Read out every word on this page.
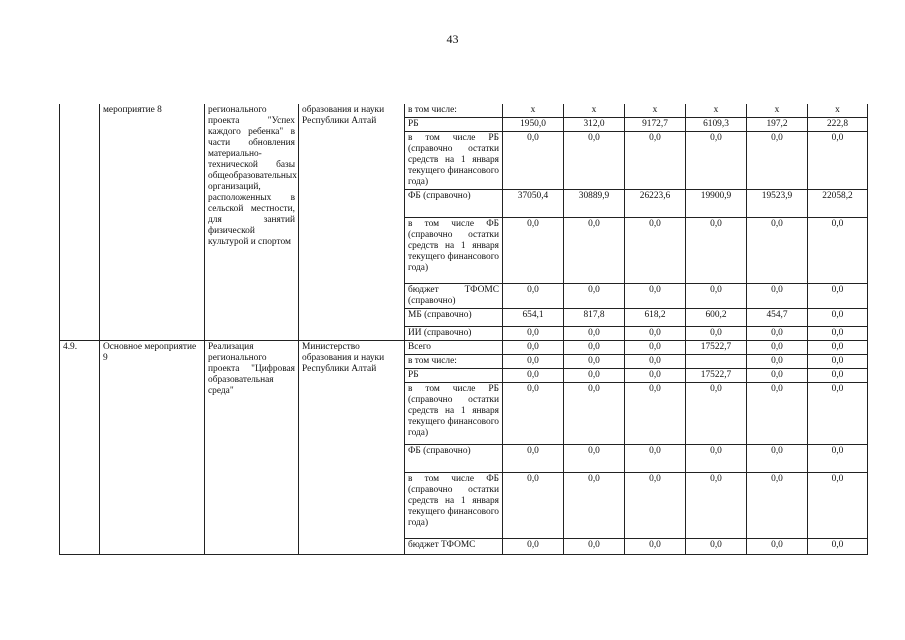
43
	мероприятие 8	регионального проекта "Успех каждого ребенка" в части обновления материально-технической базы общеобразовательных организаций, расположенных в сельской местности, для занятий физической культурой и спортом	образования и науки Республики Алтай	в том числе:	х	х	х	х	х	х
				РБ	1950,0	312,0	9172,7	6109,3	197,2	222,8
				в том числе РБ (справочно остатки средств на 1 января текущего финансового года)	0,0	0,0	0,0	0,0	0,0	0,0
				ФБ (справочно)	37050,4	30889,9	26223,6	19900,9	19523,9	22058,2
				в том числе ФБ (справочно остатки средств на 1 января текущего финансового года)	0,0	0,0	0,0	0,0	0,0	0,0
				бюджет ТФОМС (справочно)	0,0	0,0	0,0	0,0	0,0	0,0
				МБ (справочно)	654,1	817,8	618,2	600,2	454,7	0,0
				ИИ (справочно)	0,0	0,0	0,0	0,0	0,0	0,0
4.9.	Основное мероприятие 9	Реализация регионального проекта "Цифровая образовательная среда"	Министерство образования и науки Республики Алтай	Всего	0,0	0,0	0,0	17522,7	0,0	0,0
				в том числе:	0,0	0,0	0,0		0,0	0,0
				РБ	0,0	0,0	0,0	17522,7	0,0	0,0
				в том числе РБ (справочно остатки средств на 1 января текущего финансового года)	0,0	0,0	0,0	0,0	0,0	0,0
				ФБ (справочно)	0,0	0,0	0,0	0,0	0,0	0,0
				в том числе ФБ (справочно остатки средств на 1 января текущего финансового года)	0,0	0,0	0,0	0,0	0,0	0,0
				бюджет ТФОМС	0,0	0,0	0,0	0,0	0,0	0,0
